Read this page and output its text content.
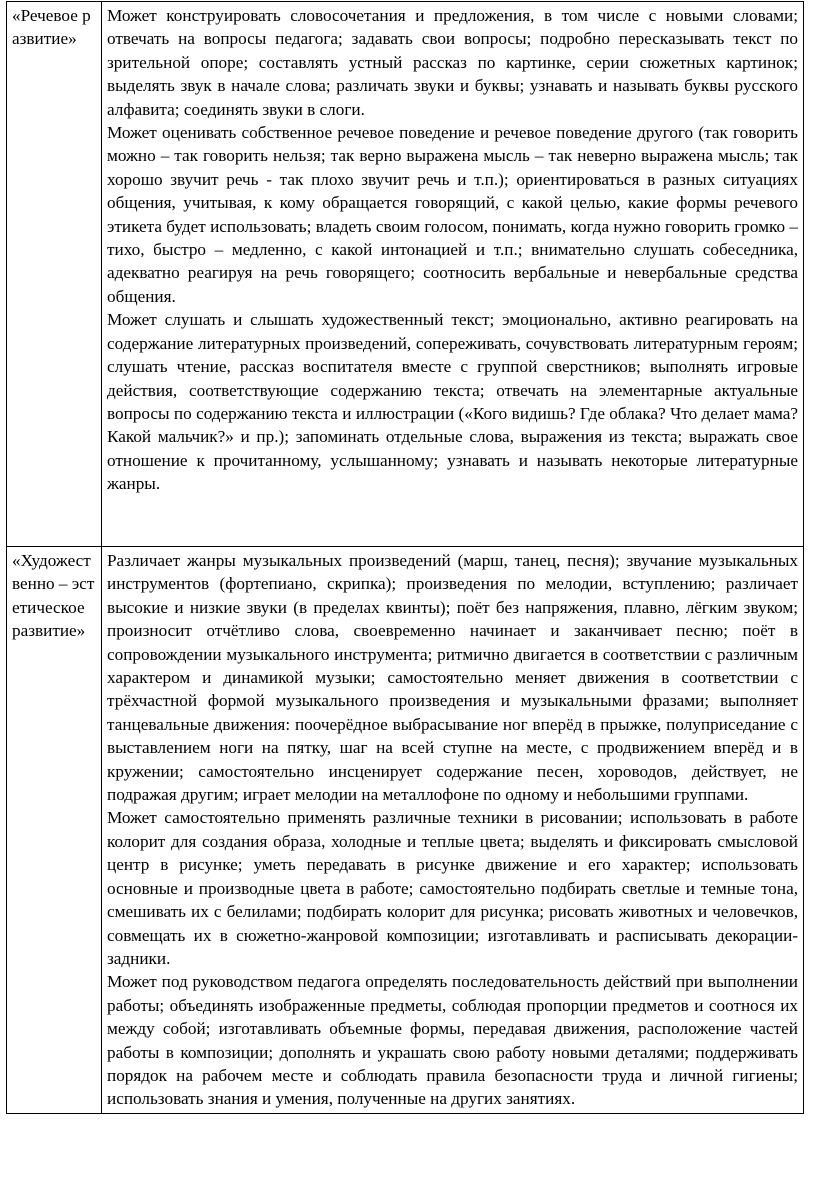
«Речевое развитие»	Может конструировать словосочетания и предложения, в том числе с новыми словами; отвечать на вопросы педагога; задавать свои вопросы; подробно пересказывать текст по зрительной опоре; составлять устный рассказ по картинке, серии сюжетных картинок; выделять звук в начале слова; различать звуки и буквы; узнавать и называть буквы русского алфавита; соединять звуки в слоги.

Может оценивать собственное речевое поведение и речевое поведение другого (так говорить можно – так говорить нельзя; так верно выражена мысль – так неверно выражена мысль; так хорошо звучит речь - так плохо звучит речь и т.п.); ориентироваться в разных ситуациях общения, учитывая, к кому обращается говорящий, с какой целью, какие формы речевого этикета будет использовать; владеть своим голосом, понимать, когда нужно говорить громко – тихо, быстро – медленно, с какой интонацией и т.п.; внимательно слушать собеседника, адекватно реагируя на речь говорящего; соотносить вербальные и невербальные средства общения.

Может слушать и слышать художественный текст; эмоционально, активно реагировать на содержание литературных произведений, сопереживать, сочувствовать литературным героям; слушать чтение, рассказ воспитателя вместе с группой сверстников; выполнять игровые действия, соответствующие содержанию текста; отвечать на элементарные актуальные вопросы по содержанию текста и иллюстрации («Кого видишь? Где облака? Что делает мама? Какой мальчик?» и пр.); запоминать отдельные слова, выражения из текста; выражать свое отношение к прочитанному, услышанному; узнавать и называть некоторые литературные жанры.

«Художественно – эстетическое развитие»	Различает жанры музыкальных произведений (марш, танец, песня); звучание музыкальных инструментов (фортепиано, скрипка); произведения по мелодии, вступлению; различает высокие и низкие звуки (в пределах квинты); поёт без напряжения, плавно, лёгким звуком; произносит отчётливо слова, своевременно начинает и заканчивает песню; поёт в сопровождении музыкального инструмента; ритмично двигается в соответствии с различным характером и динамикой музыки; самостоятельно меняет движения в соответствии с трёхчастной формой музыкального произведения и музыкальными фразами; выполняет танцевальные движения: поочерёдное выбрасывание ног вперёд в прыжке, полуприседание с выставлением ноги на пятку, шаг на всей ступне на месте, с продвижением вперёд и в кружении; самостоятельно инсценирует содержание песен, хороводов, действует, не подражая другим; играет мелодии на металлофоне по одному и небольшими группами.

Может самостоятельно применять различные техники в рисовании; использовать в работе колорит для создания образа, холодные и теплые цвета; выделять и фиксировать смысловой центр в рисунке; уметь передавать в рисунке движение и его характер; использовать основные и производные цвета в работе; самостоятельно подбирать светлые и темные тона, смешивать их с белилами; подбирать колорит для рисунка; рисовать животных и человечков, совмещать их в сюжетно-жанровой композиции; изготавливать и расписывать декорации-задники.

Может под руководством педагога определять последовательность действий при выполнении работы; объединять изображенные предметы, соблюдая пропорции предметов и соотнося их между собой; изготавливать объемные формы, передавая движения, расположение частей работы в композиции; дополнять и украшать свою работу новыми деталями; поддерживать порядок на рабочем месте и соблюдать правила безопасности труда и личной гигиены; использовать знания и умения, полученные на других занятиях.
